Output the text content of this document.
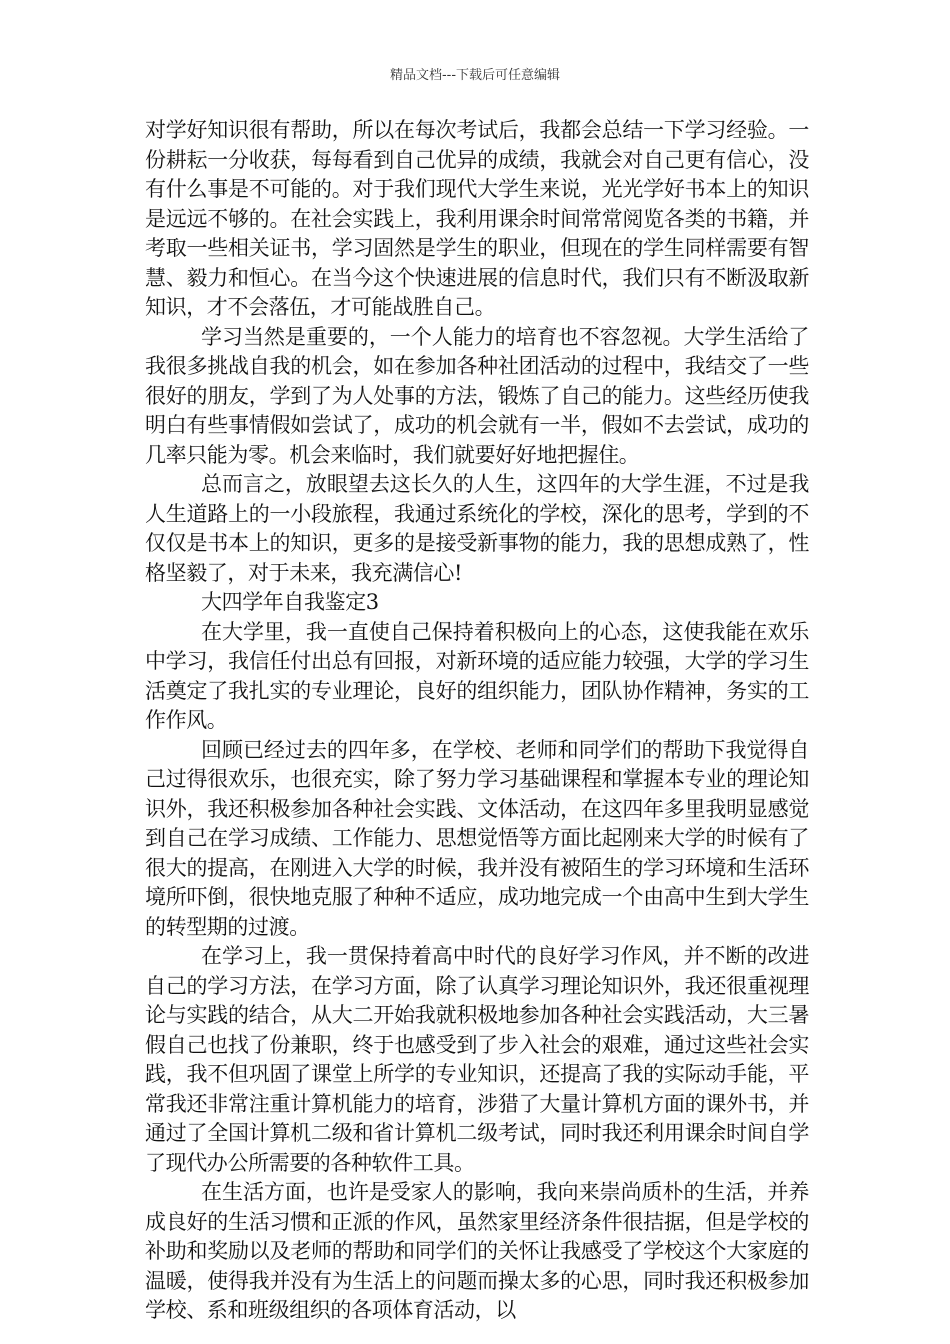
精品文档---下载后可任意编辑

对学好知识很有帮助，所以在每次考试后，我都会总结一下学习经验。一份耕耘一分收获，每每看到自己优异的成绩，我就会对自己更有信心，没有什么事是不可能的。对于我们现代大学生来说，光光学好书本上的知识是远远不够的。在社会实践上，我利用课余时间常常阅览各类的书籍，并考取一些相关证书，学习固然是学生的职业，但现在的学生同样需要有智慧、毅力和恒心。在当今这个快速进展的信息时代，我们只有不断汲取新知识，才不会落伍，才可能战胜自己。

学习当然是重要的，一个人能力的培育也不容忽视。大学生活给了我很多挑战自我的机会，如在参加各种社团活动的过程中，我结交了一些很好的朋友，学到了为人处事的方法，锻炼了自己的能力。这些经历使我明白有些事情假如尝试了，成功的机会就有一半，假如不去尝试，成功的几率只能为零。机会来临时，我们就要好好地把握住。

总而言之，放眼望去这长久的人生，这四年的大学生涯，不过是我人生道路上的一小段旅程，我通过系统化的学校，深化的思考，学到的不仅仅是书本上的知识，更多的是接受新事物的能力，我的思想成熟了，性格坚毅了，对于未来，我充满信心!

大四学年自我鉴定3

在大学里，我一直使自己保持着积极向上的心态，这使我能在欢乐中学习，我信任付出总有回报，对新环境的适应能力较强，大学的学习生活奠定了我扎实的专业理论，良好的组织能力，团队协作精神，务实的工作作风。

回顾已经过去的四年多，在学校、老师和同学们的帮助下我觉得自己过得很欢乐，也很充实，除了努力学习基础课程和掌握本专业的理论知识外，我还积极参加各种社会实践、文体活动，在这四年多里我明显感觉到自己在学习成绩、工作能力、思想觉悟等方面比起刚来大学的时候有了很大的提高，在刚进入大学的时候，我并没有被陌生的学习环境和生活环境所吓倒，很快地克服了种种不适应，成功地完成一个由高中生到大学生的转型期的过渡。

在学习上，我一贯保持着高中时代的良好学习作风，并不断的改进自己的学习方法，在学习方面，除了认真学习理论知识外，我还很重视理论与实践的结合，从大二开始我就积极地参加各种社会实践活动，大三暑假自己也找了份兼职，终于也感受到了步入社会的艰难，通过这些社会实践，我不但巩固了课堂上所学的专业知识，还提高了我的实际动手能，平常我还非常注重计算机能力的培育，涉猎了大量计算机方面的课外书，并通过了全国计算机二级和省计算机二级考试，同时我还利用课余时间自学了现代办公所需要的各种软件工具。

在生活方面，也许是受家人的影响，我向来崇尚质朴的生活，并养成良好的生活习惯和正派的作风，虽然家里经济条件很拮据，但是学校的补助和奖励以及老师的帮助和同学们的关怀让我感受了学校这个大家庭的温暖，使得我并没有为生活上的问题而操太多的心思，同时我还积极参加学校、系和班级组织的各项体育活动，以
